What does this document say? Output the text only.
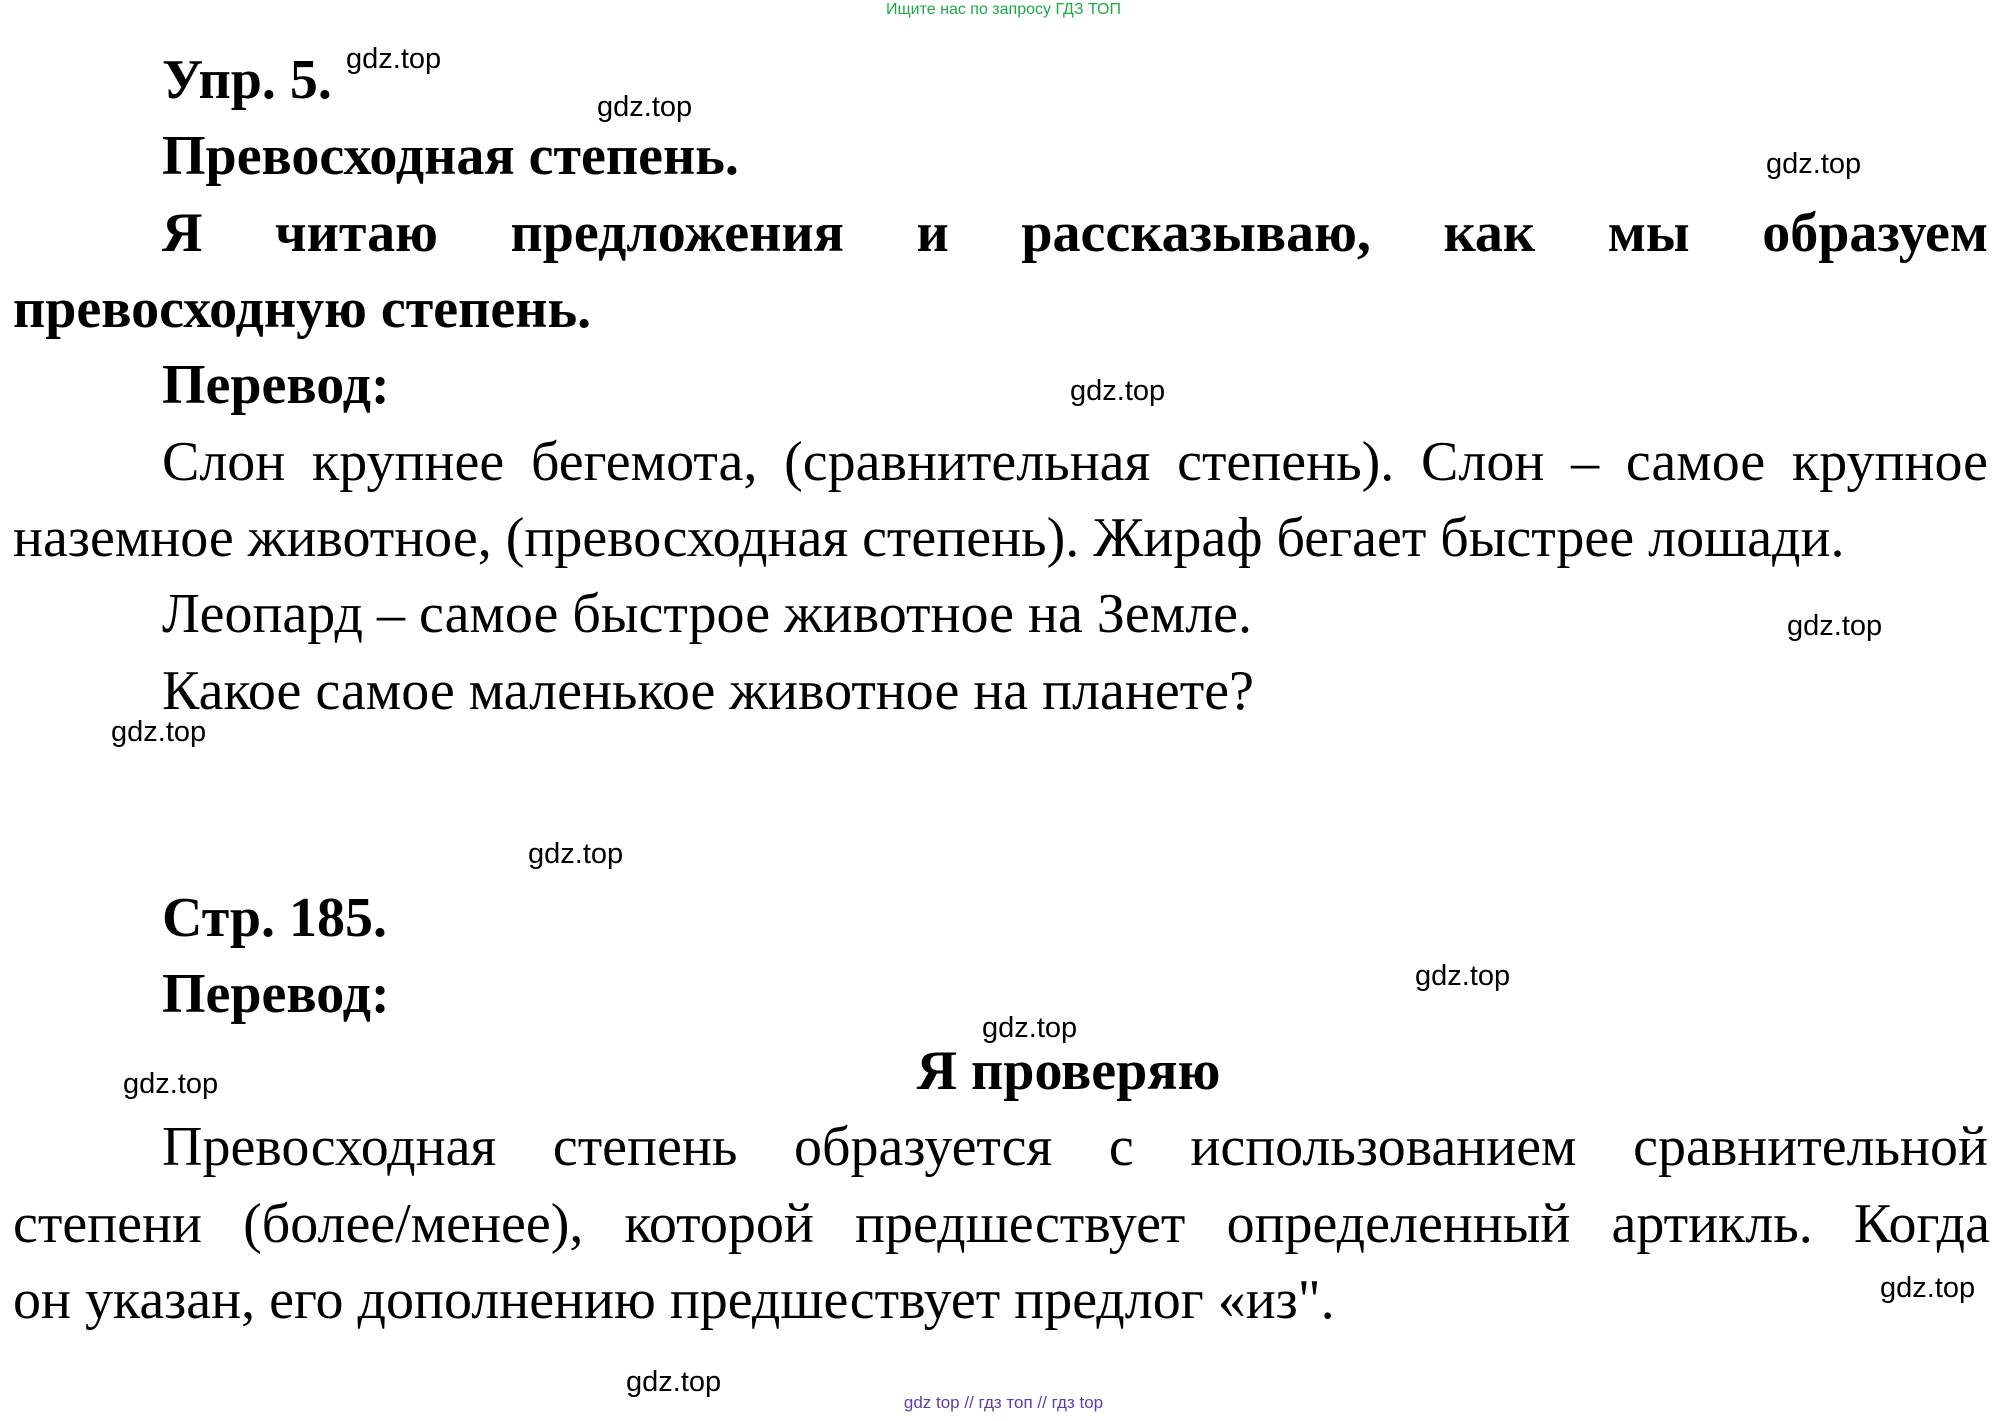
Ищите нас по запросу ГДЗ ТОП
Упр. 5.
Превосходная степень.
Я читаю предложения и рассказываю, как мы образуем
превосходную степень.
Перевод:
Слон крупнее бегемота, (сравнительная степень). Слон – самое крупное
наземное животное, (превосходная степень). Жираф бегает быстрее лошади.
Леопард – самое быстрое животное на Земле.
Какое самое маленькое животное на планете?
Стр. 185.
Перевод:
Я проверяю
Превосходная степень образуется с использованием сравнительной
степени (более/менее), которой предшествует определенный артикль. Когда
он указан, его дополнению предшествует предлог «из".
gdz.top
gdz.top
gdz.top
gdz.top
gdz.top
gdz.top
gdz.top
gdz.top
gdz.top
gdz.top
gdz.top
gdz.top
gdz top // гдз топ // гдз top
